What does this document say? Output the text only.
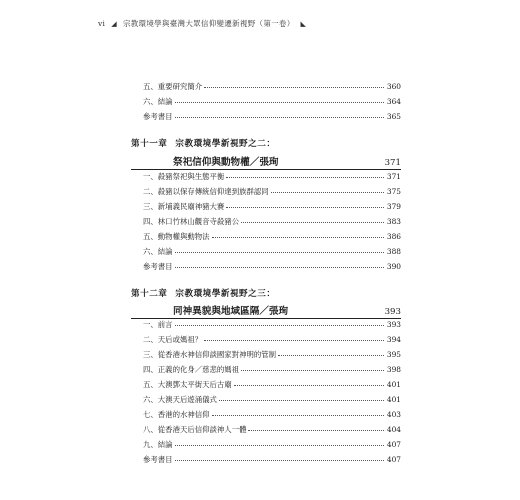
vi ◢ 宗教環境學與臺灣大眾信仰變遷新視野（第一卷） ◣
五、重要研究簡介	360
六、結論	364
參考書目	365
第十一章 宗教環境學新視野之二：
祭祀信仰與動物權／張珣	371
一、殺豬祭祀與生態平衡	371
二、殺豬以保存傳統信仰達到族群認同	375
三、新埔義民廟神豬大賽	379
四、林口竹林山觀音寺殺豬公	383
五、動物權與動物法	386
六、結論	388
參考書目	390
第十二章 宗教環境學新視野之三：
同神異貌與地域區隔／張珣	393
一、前言	393
二、天后或媽祖？	394
三、從香港水神信仰談國家對神明的管制	395
四、正義的化身／慈悲的媽祖	398
五、大澳鄧太平街天后古廟	401
六、大澳天后遊涌儀式	401
七、香港的水神信仰	403
八、從香港天后信仰談神人一體	404
九、結論	407
參考書目	407
